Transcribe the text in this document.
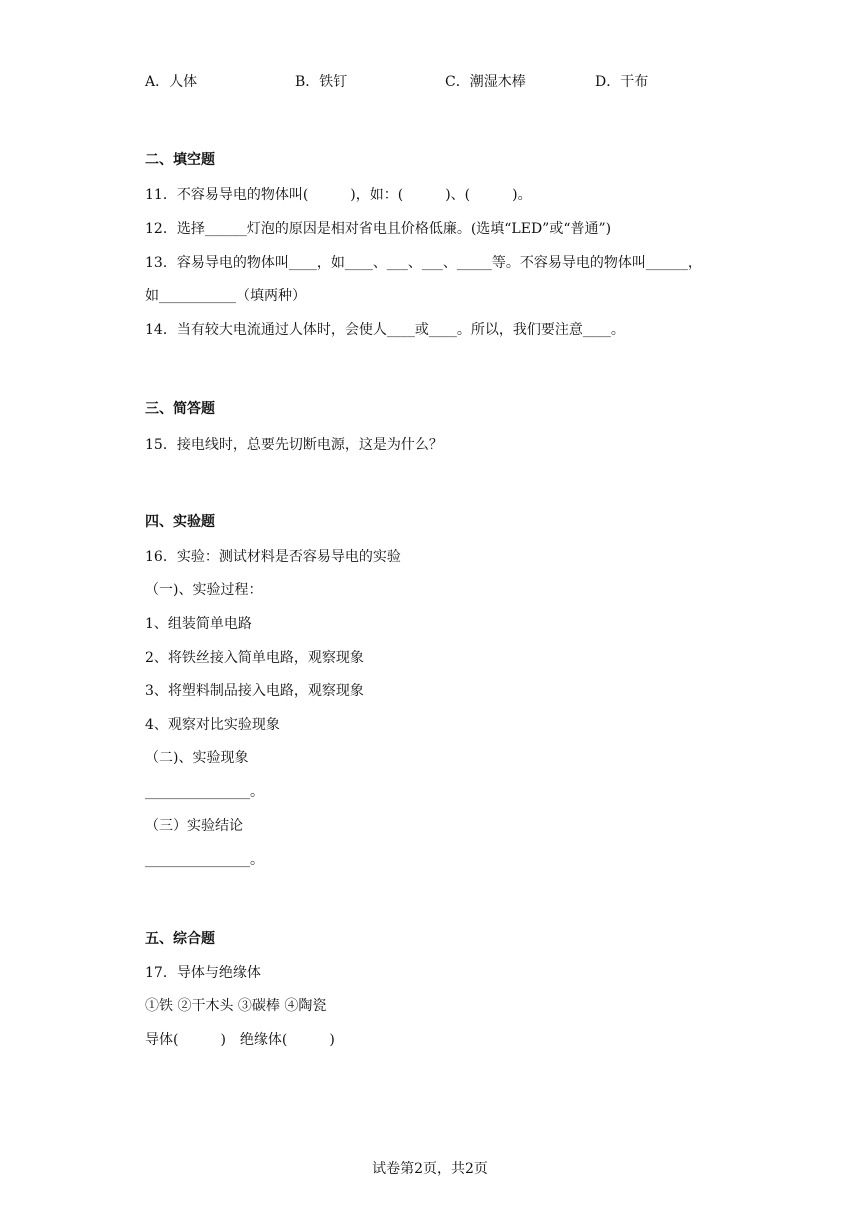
A．人体	B．铁钉	C．潮湿木棒	D．干布
二、填空题
11．不容易导电的物体叫(　　　)，如：(　　　)、(　　　)。
12．选择______灯泡的原因是相对省电且价格低廉。(选填“LED”或“普通”)
13．容易导电的物体叫____，如____、___、___、_____等。不容易导电的物体叫______，
如___________（填两种）
14．当有较大电流通过人体时，会使人____或____。所以，我们要注意____。
三、简答题
15．接电线时，总要先切断电源，这是为什么？
四、实验题
16．实验：测试材料是否容易导电的实验
（一)、实验过程：
1、组装简单电路
2、将铁丝接入简单电路，观察现象
3、将塑料制品接入电路，观察现象
4、观察对比实验现象
（二)、实验现象
_______________。
（三）实验结论
_______________。
五、综合题
17．导体与绝缘体
①铁 ②干木头 ③碳棒 ④陶瓷
导体(　　　)　绝缘体(　　　)
试卷第2页，共2页
